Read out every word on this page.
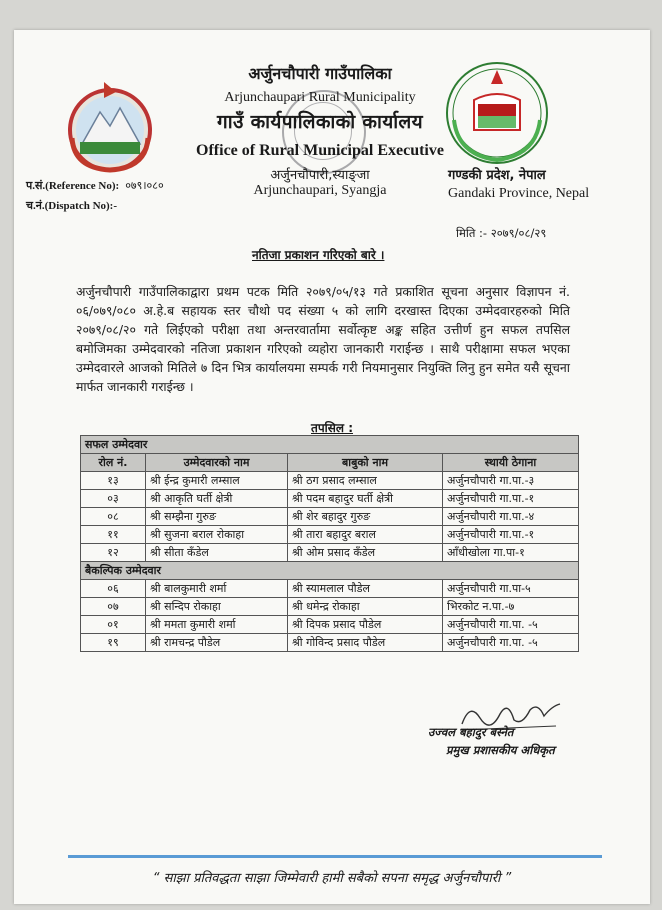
अर्जुनचौपारी गाउँपालिका
Arjunchaupari Rural Municipality
गाउँ कार्यपालिकाको कार्यालय
Office of Rural Municipal Executive
अर्जुनचौपारी,स्याङ्जा
Arjunchaupari, Syangja
प.सं.(Reference No): ०७९।०८०
च.नं.(Dispatch No):-
गण्डकी प्रदेश, नेपाल
Gandaki Province, Nepal
मिति :- २०७९/०८/२९
नतिजा प्रकाशन गरिएको बारे ।
अर्जुनचौपारी गाउँपालिकाद्वारा प्रथम पटक मिति २०७९/०५/१३ गते प्रकाशित सूचना अनुसार विज्ञापन नं. ०६/०७९/०८० अ.हे.ब सहायक स्तर चौथो पद संख्या ५ को लागि दरखास्त दिएका उम्मेदवारहरुको मिति २०७९/०८/२० गते लिईएको परीक्षा तथा अन्तरवार्तामा सर्वोत्कृष्ट अङ्क सहित उत्तीर्ण हुन सफल तपसिल बमोजिमका उम्मेदवारको नतिजा प्रकाशन गरिएको व्यहोरा जानकारी गराईन्छ । साथै परीक्षामा सफल भएका उम्मेदवारले आजको मितिले ७ दिन भित्र कार्यालयमा सम्पर्क गरी नियमानुसार नियुक्ति लिनु हुन समेत यसै सूचना मार्फत जानकारी गराईन्छ ।
तपसिल :
सफल उम्मेदवार			
रोल नं.	उम्मेदवारको नाम	बाबुको नाम	स्थायी ठेगाना
१३	श्री ईन्द्र कुमारी लम्साल	श्री ठग प्रसाद लम्साल	अर्जुनचौपारी गा.पा.-३
०३	श्री आकृति घर्ती क्षेत्री	श्री पदम बहादुर घर्ती क्षेत्री	अर्जुनचौपारी गा.पा.-१
०८	श्री सम्झैना गुरुङ	श्री शेर बहादुर गुरुङ	अर्जुनचौपारी गा.पा.-४
११	श्री सुजना बराल रोकाहा	श्री तारा बहादुर बराल	अर्जुनचौपारी गा.पा.-१
१२	श्री सीता कँडेल	श्री ओम प्रसाद कँडेल	आँधीखोला गा.पा-१
बैकल्पिक उम्मेदवार			
०६	श्री बालकुमारी शर्मा	श्री स्यामलाल पौडेल	अर्जुनचौपारी गा.पा-५
०७	श्री सन्दिप रोकाहा	श्री धमेन्द्र रोकाहा	भिरकोट न.पा.-७
०१	श्री ममता कुमारी शर्मा	श्री दिपक प्रसाद पौडेल	अर्जुनचौपारी गा.पा. -५
१९	श्री रामचन्द्र पौडेल	श्री गोविन्द प्रसाद पौडेल	अर्जुनचौपारी गा.पा. -५
उज्वल बहादुर बस्नेत
प्रमुख प्रशासकीय अधिकृत
“ साझा प्रतिवद्धता साझा जिम्मेवारी हामी सबैको सपना समृद्ध अर्जुनचौपारी ”
